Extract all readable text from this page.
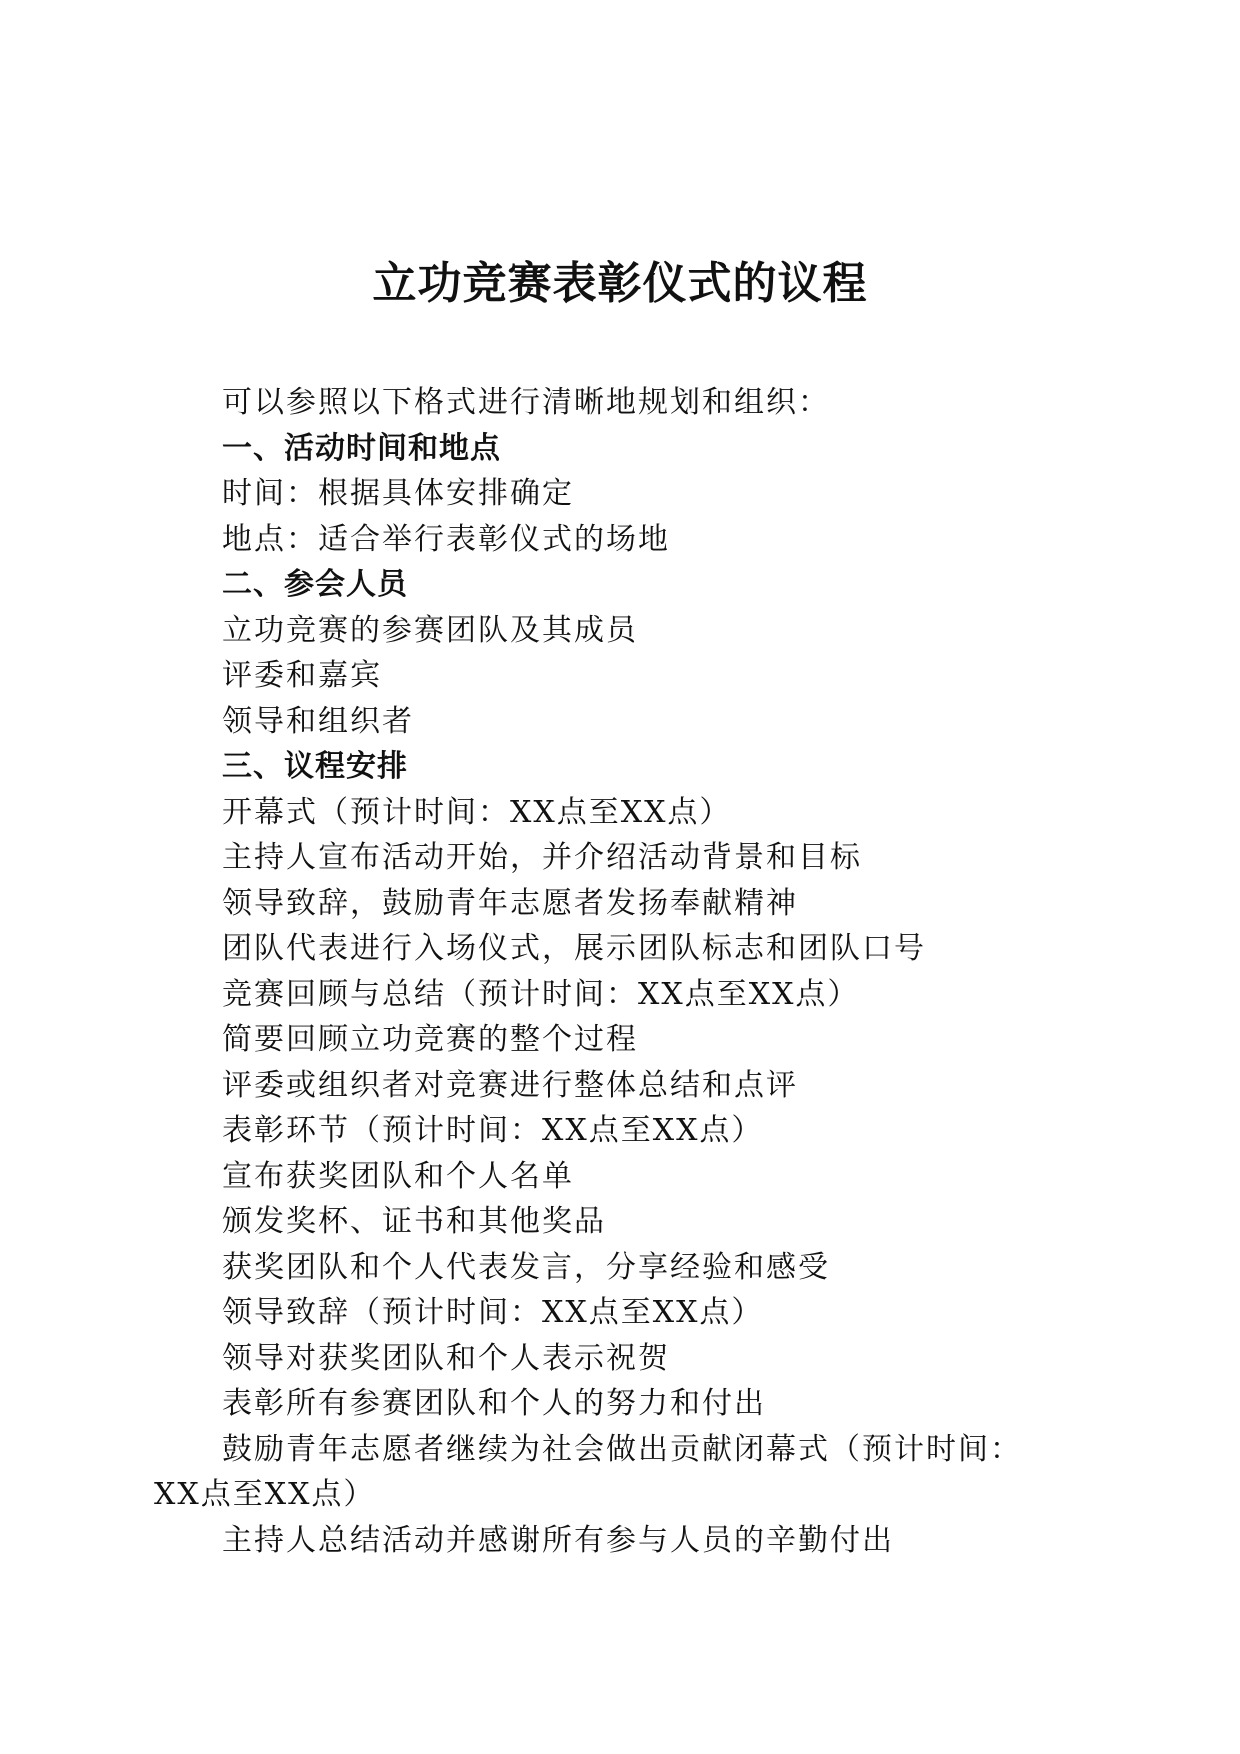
立功竞赛表彰仪式的议程
可以参照以下格式进行清晰地规划和组织：
一、活动时间和地点
时间：根据具体安排确定
地点：适合举行表彰仪式的场地
二、参会人员
立功竞赛的参赛团队及其成员
评委和嘉宾
领导和组织者
三、议程安排
开幕式（预计时间：XX点至XX点）
主持人宣布活动开始，并介绍活动背景和目标
领导致辞，鼓励青年志愿者发扬奉献精神
团队代表进行入场仪式，展示团队标志和团队口号
竞赛回顾与总结（预计时间：XX点至XX点）
简要回顾立功竞赛的整个过程
评委或组织者对竞赛进行整体总结和点评
表彰环节（预计时间：XX点至XX点）
宣布获奖团队和个人名单
颁发奖杯、证书和其他奖品
获奖团队和个人代表发言，分享经验和感受
领导致辞（预计时间：XX点至XX点）
领导对获奖团队和个人表示祝贺
表彰所有参赛团队和个人的努力和付出
鼓励青年志愿者继续为社会做出贡献闭幕式（预计时间：
XX点至XX点）
主持人总结活动并感谢所有参与人员的辛勤付出
